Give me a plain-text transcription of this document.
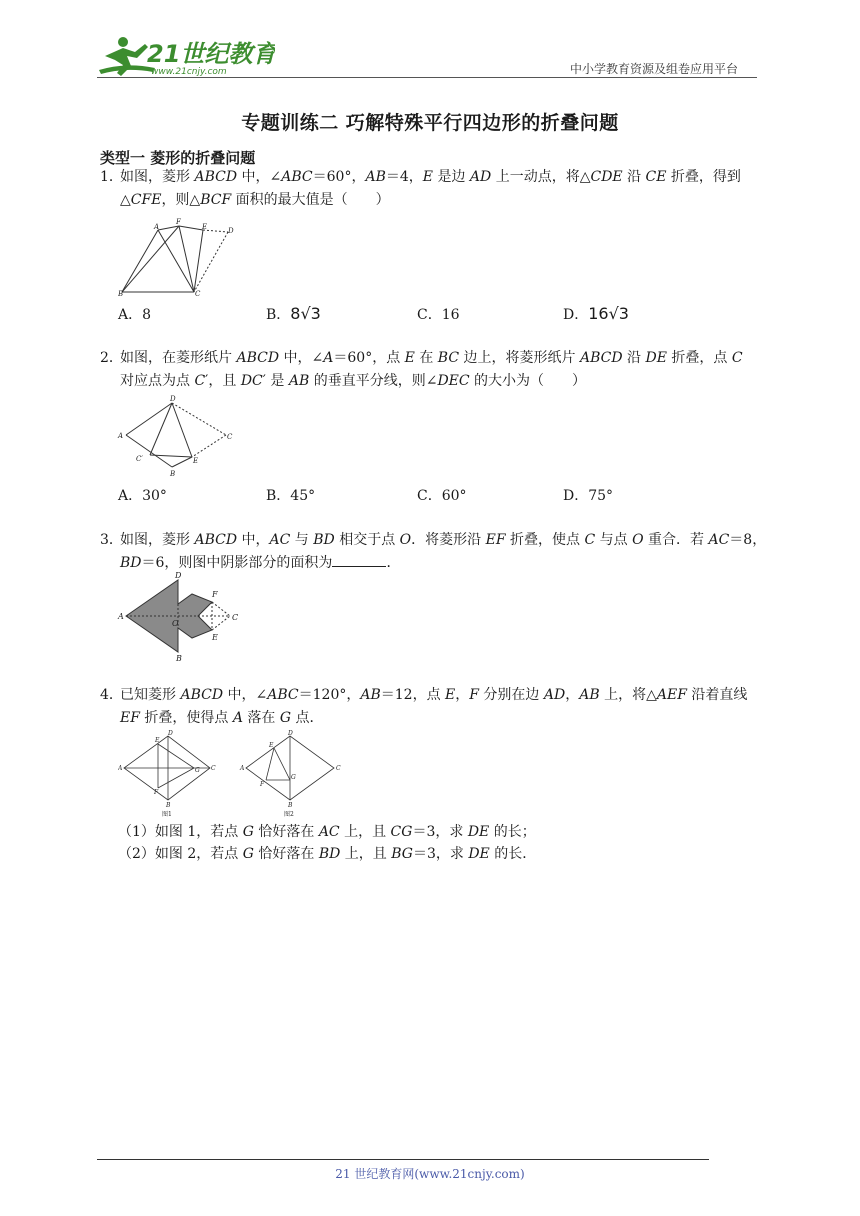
21世纪教育
www.21cnjy.com	中小学教育资源及组卷应用平台
专题训练二 巧解特殊平行四边形的折叠问题
类型一 菱形的折叠问题
1．如图，菱形 ABCD 中，∠ABC＝60°，AB＝4，E 是边 AD 上一动点，将△CDE 沿 CE 折叠，得到
△CFE，则△BCF 面积的最大值是（　　）
B	C
A
F
E	D
A．8	B．8√3	C．16	D．16√3
2．如图，在菱形纸片 ABCD 中，∠A＝60°，点 E 在 BC 边上，将菱形纸片 ABCD 沿 DE 折叠，点 C
对应点为点 C′，且 DC′ 是 AB 的垂直平分线，则∠DEC 的大小为（　　）
A
D
C
C′
B
E
A．30°	B．45°	C．60°	D．75°
3．如图，菱形 ABCD 中，AC 与 BD 相交于点 O．将菱形沿 EF 折叠，使点 C 与点 O 重合．若 AC＝8，
BD＝6，则图中阴影部分的面积为	．
A
D
O
F
C
E
B
4．已知菱形 ABCD 中，∠ABC＝120°，AB＝12，点 E，F 分别在边 AD，AB 上，将△AEF 沿着直线
EF 折叠，使得点 A 落在 G 点．
A
D
E
C
G
F
B
图1
A
D
E
C
G
F
B
图2
（1）如图 1，若点 G 恰好落在 AC 上，且 CG＝3，求 DE 的长；
（2）如图 2，若点 G 恰好落在 BD 上，且 BG＝3，求 DE 的长．
21 世纪教育网(www.21cnjy.com)
